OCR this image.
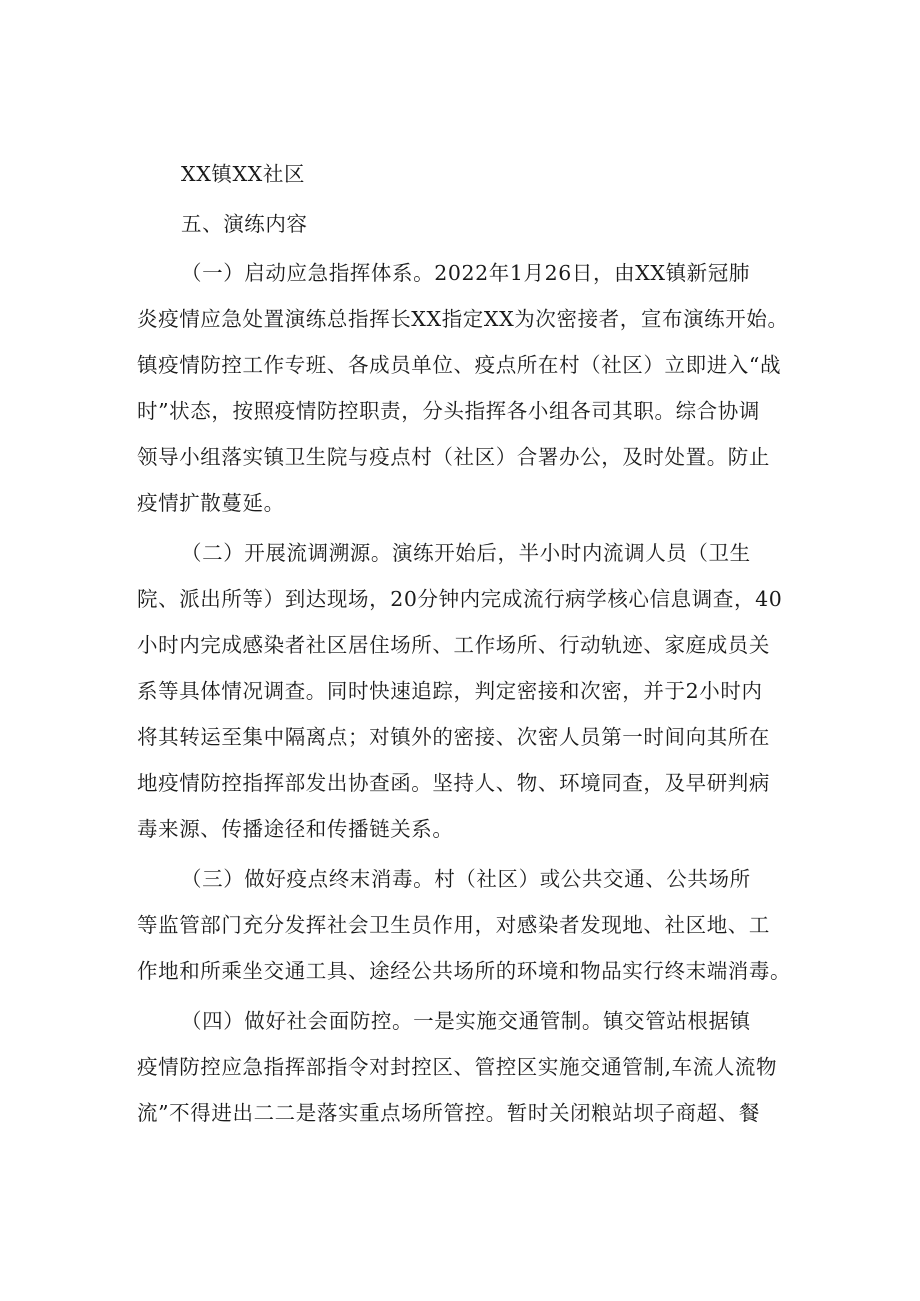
XX镇XX社区
五、演练内容
（一）启动应急指挥体系。2022年1月26日，由XX镇新冠肺
炎疫情应急处置演练总指挥长XX指定XX为次密接者，宣布演练开始。
镇疫情防控工作专班、各成员单位、疫点所在村（社区）立即进入“战
时”状态，按照疫情防控职责，分头指挥各小组各司其职。综合协调
领导小组落实镇卫生院与疫点村（社区）合署办公，及时处置。防止
疫情扩散蔓延。
（二）开展流调溯源。演练开始后，半小时内流调人员（卫生
院、派出所等）到达现场，20分钟内完成流行病学核心信息调查，40
小时内完成感染者社区居住场所、工作场所、行动轨迹、家庭成员关
系等具体情况调查。同时快速追踪，判定密接和次密，并于2小时内
将其转运至集中隔离点；对镇外的密接、次密人员第一时间向其所在
地疫情防控指挥部发出协查函。坚持人、物、环境同查，及早研判病
毒来源、传播途径和传播链关系。
（三）做好疫点终末消毒。村（社区）或公共交通、公共场所
等监管部门充分发挥社会卫生员作用，对感染者发现地、社区地、工
作地和所乘坐交通工具、途经公共场所的环境和物品实行终末端消毒。
（四）做好社会面防控。一是实施交通管制。镇交管站根据镇
疫情防控应急指挥部指令对封控区、管控区实施交通管制,车流人流物
流”不得进出二二是落实重点场所管控。暂时关闭粮站坝子商超、餐
